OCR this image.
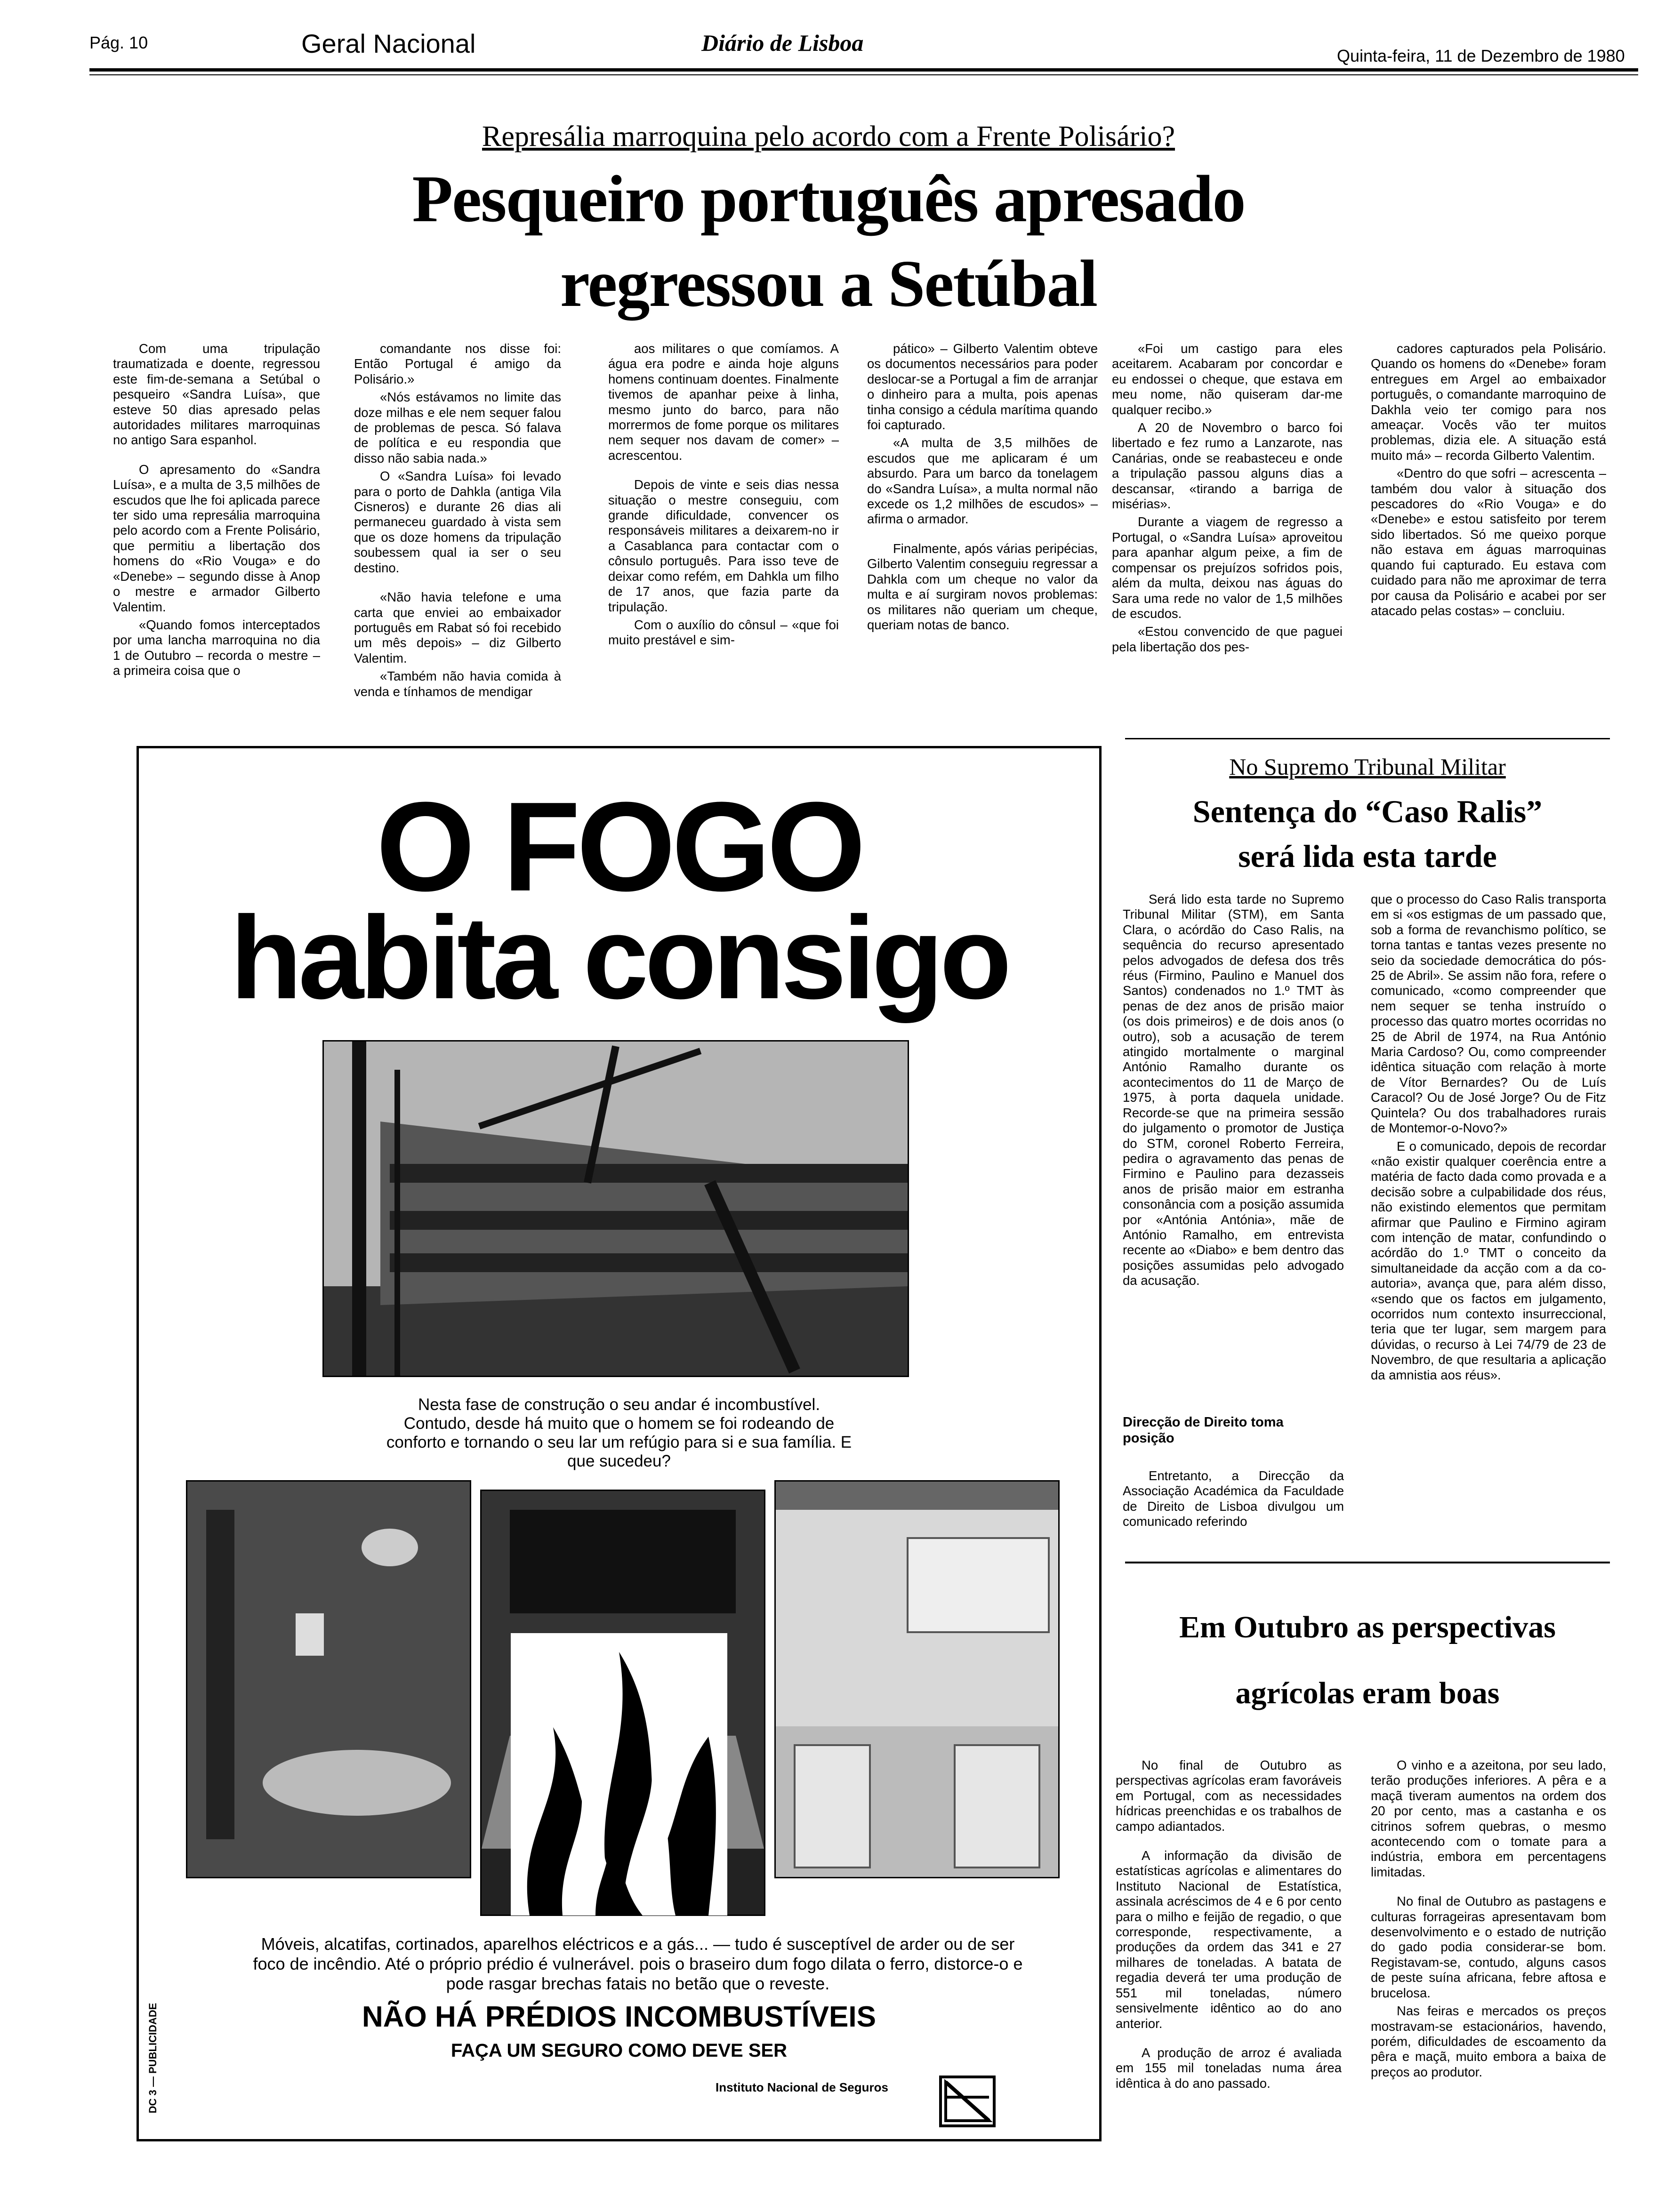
Pág. 10	Geral Nacional	Diário de Lisboa	Quinta-feira, 11 de Dezembro de 1980
Represália marroquina pelo acordo com a Frente Polisário?
Pesqueiro português apresado
regressou a Setúbal

Com uma tripulação traumatizada e doente, regressou este fim-de-semana a Setúbal o pesqueiro «Sandra Luísa», que esteve 50 dias apresado pelas autoridades militares marroquinas no antigo Sara espanhol.

O apresamento do «Sandra Luísa», e a multa de 3,5 milhões de escudos que lhe foi aplicada parece ter sido uma represália marroquina pelo acordo com a Frente Polisário, que permitiu a libertação dos homens do «Rio Vouga» e do «Denebe» – segundo disse à Anop o mestre e armador Gilberto Valentim.

«Quando fomos interceptados por uma lancha marroquina no dia 1 de Outubro – recorda o mestre – a primeira coisa que o

comandante nos disse foi: Então Portugal é amigo da Polisário.»

«Nós estávamos no limite das doze milhas e ele nem sequer falou de problemas de pesca. Só falava de política e eu respondia que disso não sabia nada.»

O «Sandra Luísa» foi levado para o porto de Dahkla (antiga Vila Cisneros) e durante 26 dias ali permaneceu guardado à vista sem que os doze homens da tripulação soubessem qual ia ser o seu destino.

«Não havia telefone e uma carta que enviei ao embaixador português em Rabat só foi recebido um mês depois» – diz Gilberto Valentim.

«Também não havia comida à venda e tínhamos de mendigar

aos militares o que comíamos. A água era podre e ainda hoje alguns homens continuam doentes. Finalmente tivemos de apanhar peixe à linha, mesmo junto do barco, para não morrermos de fome porque os militares nem sequer nos davam de comer» – acrescentou.

Depois de vinte e seis dias nessa situação o mestre conseguiu, com grande dificuldade, convencer os responsáveis militares a deixarem-no ir a Casablanca para contactar com o cônsulo português. Para isso teve de deixar como refém, em Dahkla um filho de 17 anos, que fazia parte da tripulação.

Com o auxílio do cônsul – «que foi muito prestável e sim-

pático» – Gilberto Valentim obteve os documentos necessários para poder deslocar-se a Portugal a fim de arranjar o dinheiro para a multa, pois apenas tinha consigo a cédula marítima quando foi capturado.

«A multa de 3,5 milhões de escudos que me aplicaram é um absurdo. Para um barco da tonelagem do «Sandra Luísa», a multa normal não excede os 1,2 milhões de escudos» – afirma o armador.

Finalmente, após várias peripécias, Gilberto Valentim conseguiu regressar a Dahkla com um cheque no valor da multa e aí surgiram novos problemas: os militares não queriam um cheque, queriam notas de banco.

«Foi um castigo para eles aceitarem. Acabaram por concordar e eu endossei o cheque, que estava em meu nome, não quiseram dar-me qualquer recibo.»

A 20 de Novembro o barco foi libertado e fez rumo a Lanzarote, nas Canárias, onde se reabasteceu e onde a tripulação passou alguns dias a descansar, «tirando a barriga de misérias».

Durante a viagem de regresso a Portugal, o «Sandra Luísa» aproveitou para apanhar algum peixe, a fim de compensar os prejuízos sofridos pois, além da multa, deixou nas águas do Sara uma rede no valor de 1,5 milhões de escudos.

«Estou convencido de que paguei pela libertação dos pes-

cadores capturados pela Polisário. Quando os homens do «Denebe» foram entregues em Argel ao embaixador português, o comandante marroquino de Dakhla veio ter comigo para nos ameaçar. Vocês vão ter muitos problemas, dizia ele. A situação está muito má» – recorda Gilberto Valentim.

«Dentro do que sofri – acrescenta – também dou valor à situação dos pescadores do «Rio Vouga» e do «Denebe» e estou satisfeito por terem sido libertados. Só me queixo porque não estava em águas marroquinas quando fui capturado. Eu estava com cuidado para não me aproximar de terra por causa da Polisário e acabei por ser atacado pelas costas» – concluiu.

O FOGO
habita consigo
Nesta fase de construção o seu andar é incombustível. Contudo, desde há muito que o homem se foi rodeando de conforto e tornando o seu lar um refúgio para si e sua família. E que sucedeu?
Móveis, alcatifas, cortinados, aparelhos eléctricos e a gás... — tudo é susceptível de arder ou de ser foco de incêndio. Até o próprio prédio é vulnerável. pois o braseiro dum fogo dilata o ferro, distorce-o e pode rasgar brechas fatais no betão que o reveste.
NÃO HÁ PRÉDIOS INCOMBUSTÍVEIS
FAÇA UM SEGURO COMO DEVE SER
Instituto Nacional de Seguros
DC 3 — PUBLICIDADE
No Supremo Tribunal Militar
Sentença do “Caso Ralis”
será lida esta tarde

Será lido esta tarde no Supremo Tribunal Militar (STM), em Santa Clara, o acórdão do Caso Ralis, na sequência do recurso apresentado pelos advogados de defesa dos três réus (Firmino, Paulino e Manuel dos Santos) condenados no 1.º TMT às penas de dez anos de prisão maior (os dois primeiros) e de dois anos (o outro), sob a acusação de terem atingido mortalmente o marginal António Ramalho durante os acontecimentos do 11 de Março de 1975, à porta daquela unidade. Recorde-se que na primeira sessão do julgamento o promotor de Justiça do STM, coronel Roberto Ferreira, pedira o agravamento das penas de Firmino e Paulino para dezasseis anos de prisão maior em estranha consonância com a posição assumida por «Antónia Antónia», mãe de António Ramalho, em entrevista recente ao «Diabo» e bem dentro das posições assumidas pelo advogado da acusação.

Direcção de Direito toma posição

Entretanto, a Direcção da Associação Académica da Faculdade de Direito de Lisboa divulgou um comunicado referindo

que o processo do Caso Ralis transporta em si «os estigmas de um passado que, sob a forma de revanchismo político, se torna tantas e tantas vezes presente no seio da sociedade democrática do pós-25 de Abril». Se assim não fora, refere o comunicado, «como compreender que nem sequer se tenha instruído o processo das quatro mortes ocorridas no 25 de Abril de 1974, na Rua António Maria Cardoso? Ou, como compreender idêntica situação com relação à morte de Vítor Bernardes? Ou de Luís Caracol? Ou de José Jorge? Ou de Fitz Quintela? Ou dos trabalhadores rurais de Montemor-o-Novo?»

E o comunicado, depois de recordar «não existir qualquer coerência entre a matéria de facto dada como provada e a decisão sobre a culpabilidade dos réus, não existindo elementos que permitam afirmar que Paulino e Firmino agiram com intenção de matar, confundindo o acórdão do 1.º TMT o conceito da simultaneidade da acção com a da co-autoria», avança que, para além disso, «sendo que os factos em julgamento, ocorridos num contexto insurreccional, teria que ter lugar, sem margem para dúvidas, o recurso à Lei 74/79 de 23 de Novembro, de que resultaria a aplicação da amnistia aos réus».

Em Outubro as perspectivas
agrícolas eram boas

No final de Outubro as perspectivas agrícolas eram favoráveis em Portugal, com as necessidades hídricas preenchidas e os trabalhos de campo adiantados.

A informação da divisão de estatísticas agrícolas e alimentares do Instituto Nacional de Estatística, assinala acréscimos de 4 e 6 por cento para o milho e feijão de regadio, o que corresponde, respectivamente, a produções da ordem das 341 e 27 milhares de toneladas. A batata de regadia deverá ter uma produção de 551 mil toneladas, número sensivelmente idêntico ao do ano anterior.

A produção de arroz é avaliada em 155 mil toneladas numa área idêntica à do ano passado.

O vinho e a azeitona, por seu lado, terão produções inferiores. A pêra e a maçã tiveram aumentos na ordem dos 20 por cento, mas a castanha e os citrinos sofrem quebras, o mesmo acontecendo com o tomate para a indústria, embora em percentagens limitadas.

No final de Outubro as pastagens e culturas forrageiras apresentavam bom desenvolvimento e o estado de nutrição do gado podia considerar-se bom. Registavam-se, contudo, alguns casos de peste suína africana, febre aftosa e brucelosa.

Nas feiras e mercados os preços mostravam-se estacionários, havendo, porém, dificuldades de escoamento da pêra e maçã, muito embora a baixa de preços ao produtor.
